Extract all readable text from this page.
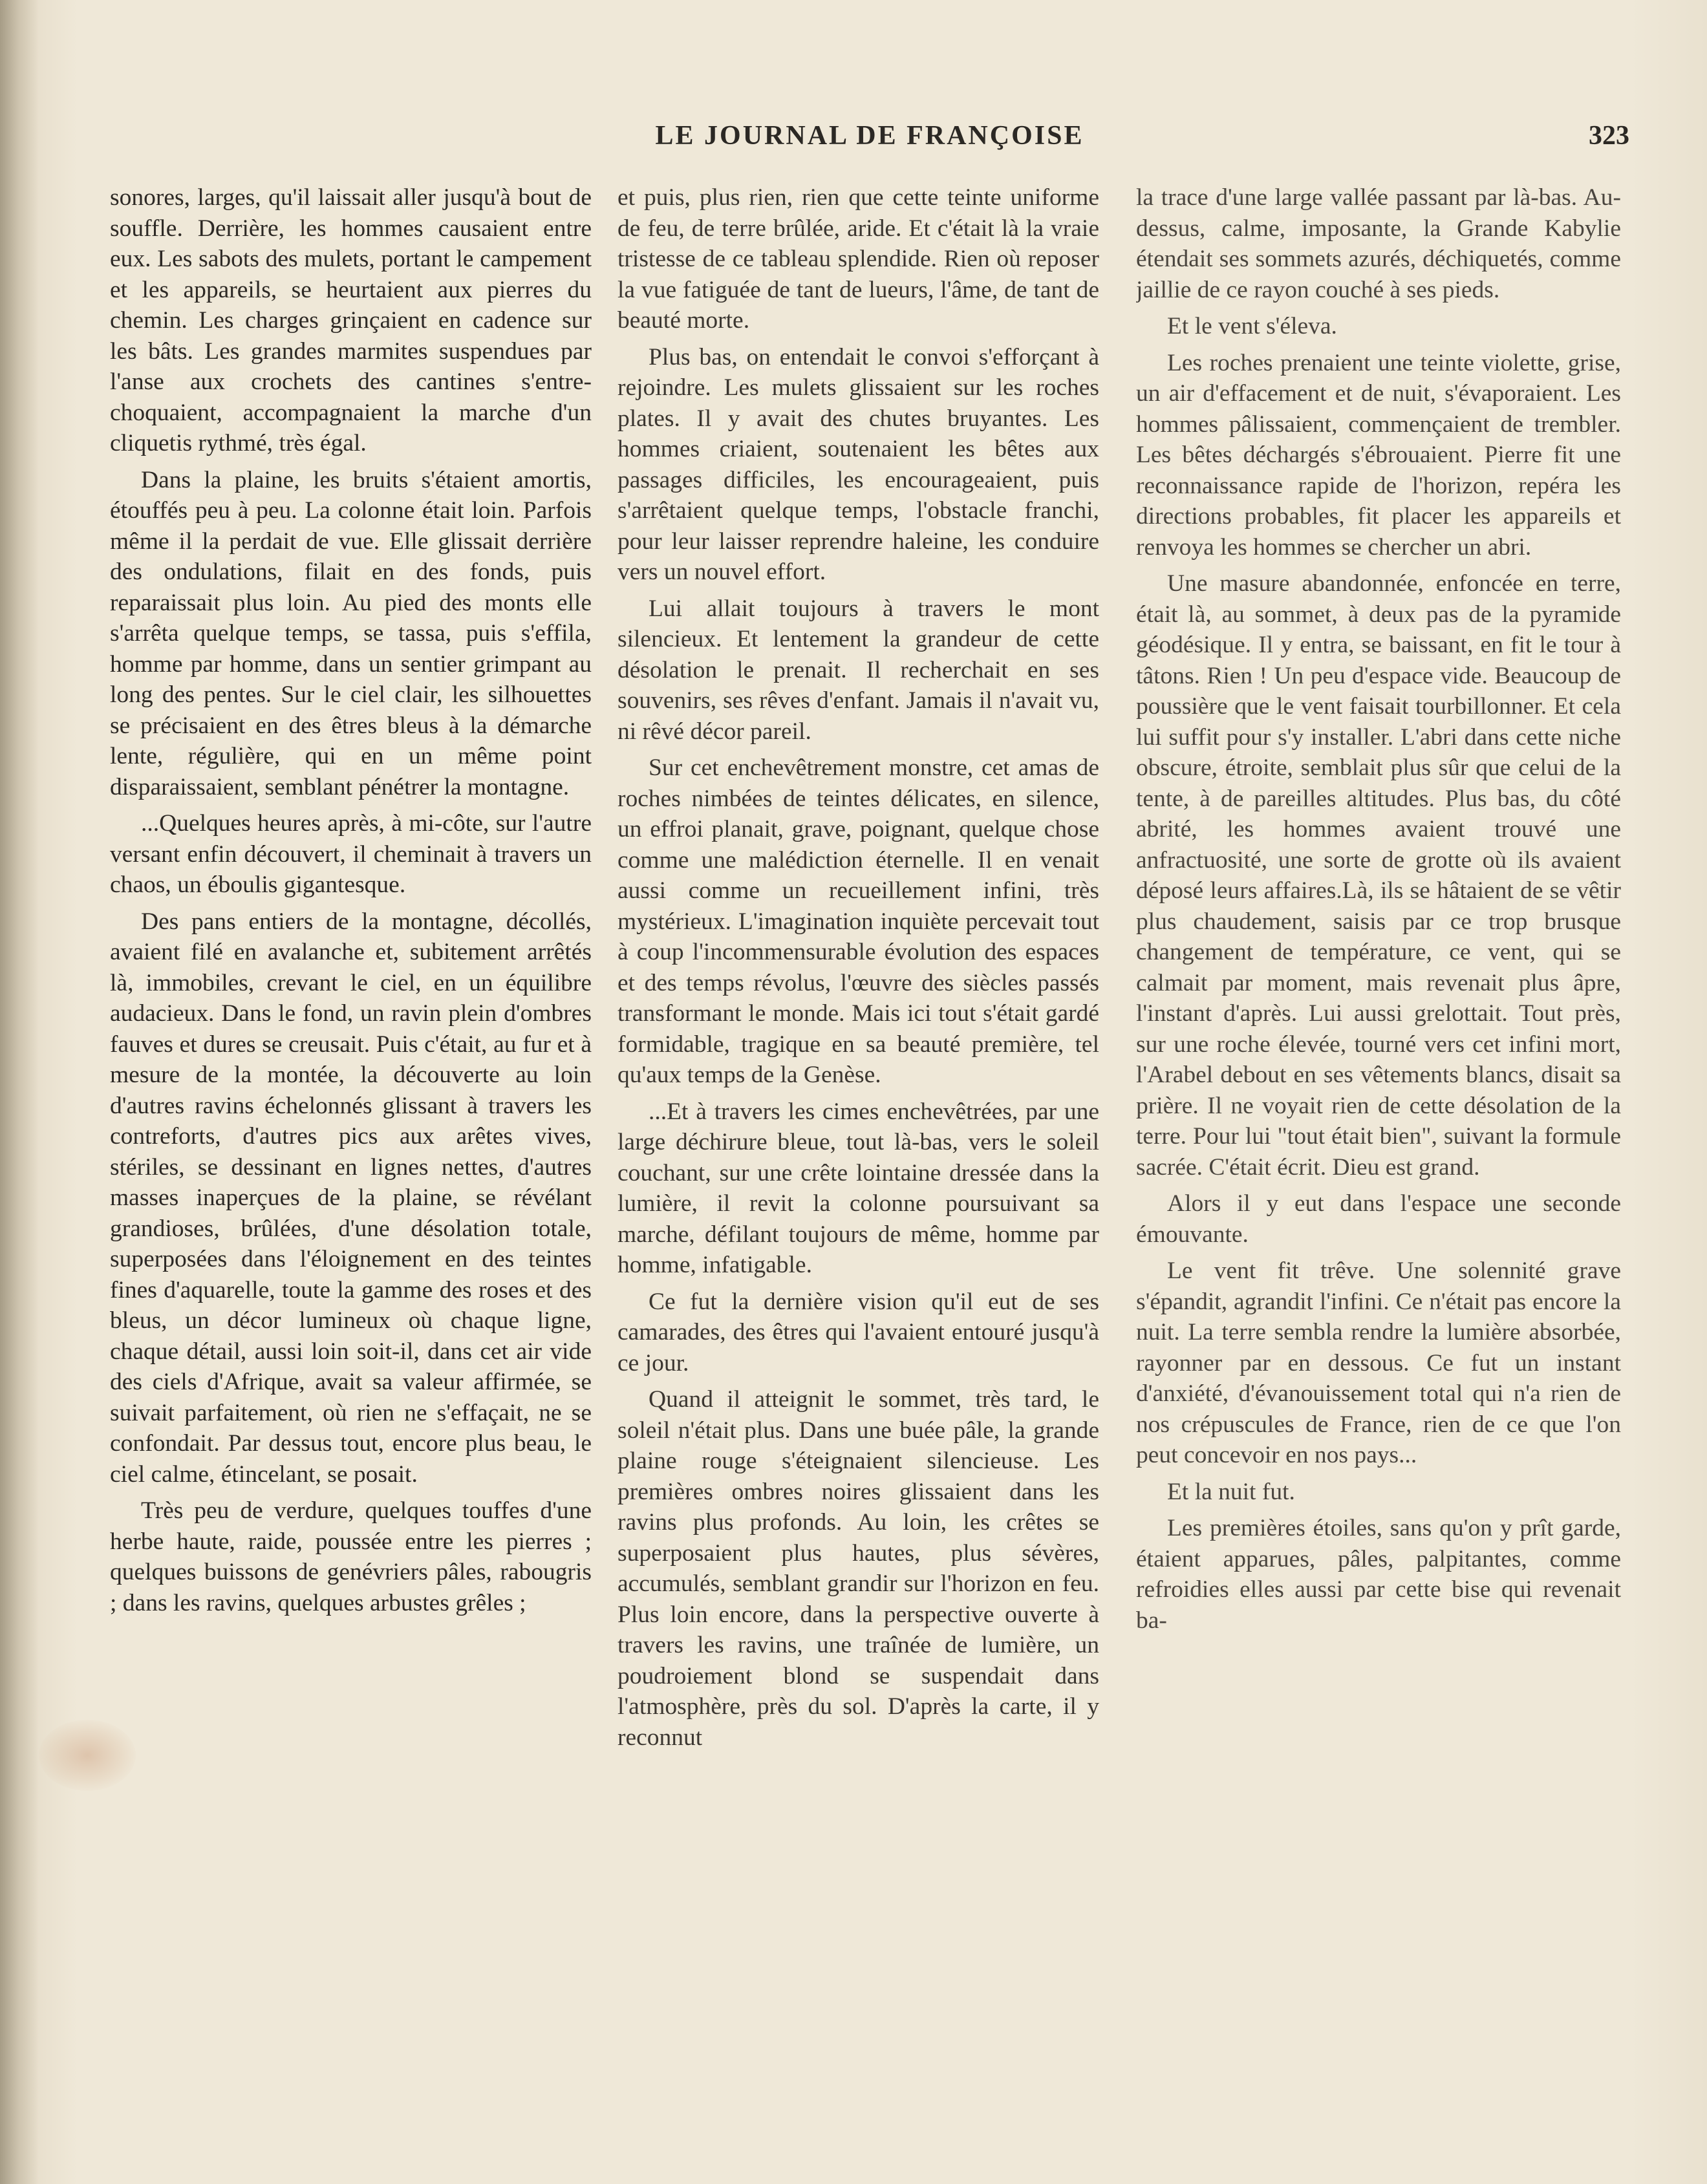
LE JOURNAL DE FRANÇOISE	323

sonores, larges, qu'il laissait aller jusqu'à bout de souffle. Derrière, les hommes causaient entre eux. Les sabots des mulets, portant le campement et les appareils, se heurtaient aux pierres du chemin. Les charges grinçaient en cadence sur les bâts. Les grandes marmites suspendues par l'anse aux crochets des cantines s'entre-choquaient, accompagnaient la marche d'un cliquetis rythmé, très égal.

Dans la plaine, les bruits s'étaient amortis, étouffés peu à peu. La colonne était loin. Parfois même il la perdait de vue. Elle glissait derrière des ondulations, filait en des fonds, puis reparaissait plus loin. Au pied des monts elle s'arrêta quelque temps, se tassa, puis s'effila, homme par homme, dans un sentier grimpant au long des pentes. Sur le ciel clair, les silhouettes se précisaient en des êtres bleus à la démarche lente, régulière, qui en un même point disparaissaient, semblant pénétrer la montagne.

...Quelques heures après, à mi-côte, sur l'autre versant enfin découvert, il cheminait à travers un chaos, un éboulis gigantesque.

Des pans entiers de la montagne, décollés, avaient filé en avalanche et, subitement arrêtés là, immobiles, crevant le ciel, en un équilibre audacieux. Dans le fond, un ravin plein d'ombres fauves et dures se creusait. Puis c'était, au fur et à mesure de la montée, la découverte au loin d'autres ravins échelonnés glissant à travers les contreforts, d'autres pics aux arêtes vives, stériles, se dessinant en lignes nettes, d'autres masses inaperçues de la plaine, se révélant grandioses, brûlées, d'une désolation totale, superposées dans l'éloignement en des teintes fines d'aquarelle, toute la gamme des roses et des bleus, un décor lumineux où chaque ligne, chaque détail, aussi loin soit-il, dans cet air vide des ciels d'Afrique, avait sa valeur affirmée, se suivait parfaitement, où rien ne s'effaçait, ne se confondait. Par dessus tout, encore plus beau, le ciel calme, étincelant, se posait.

Très peu de verdure, quelques touffes d'une herbe haute, raide, poussée entre les pierres ; quelques buissons de genévriers pâles, rabougris ; dans les ravins, quelques arbustes grêles ;

et puis, plus rien, rien que cette teinte uniforme de feu, de terre brûlée, aride. Et c'était là la vraie tristesse de ce tableau splendide. Rien où reposer la vue fatiguée de tant de lueurs, l'âme, de tant de beauté morte.

Plus bas, on entendait le convoi s'efforçant à rejoindre. Les mulets glissaient sur les roches plates. Il y avait des chutes bruyantes. Les hommes criaient, soutenaient les bêtes aux passages difficiles, les encourageaient, puis s'arrêtaient quelque temps, l'obstacle franchi, pour leur laisser reprendre haleine, les conduire vers un nouvel effort.

Lui allait toujours à travers le mont silencieux. Et lentement la grandeur de cette désolation le prenait. Il recherchait en ses souvenirs, ses rêves d'enfant. Jamais il n'avait vu, ni rêvé décor pareil.

Sur cet enchevêtrement monstre, cet amas de roches nimbées de teintes délicates, en silence, un effroi planait, grave, poignant, quelque chose comme une malédiction éternelle. Il en venait aussi comme un recueillement infini, très mystérieux. L'imagination inquiète percevait tout à coup l'incommensurable évolution des espaces et des temps révolus, l'œuvre des siècles passés transformant le monde. Mais ici tout s'était gardé formidable, tragique en sa beauté première, tel qu'aux temps de la Genèse.

...Et à travers les cimes enchevêtrées, par une large déchirure bleue, tout là-bas, vers le soleil couchant, sur une crête lointaine dressée dans la lumière, il revit la colonne poursuivant sa marche, défilant toujours de même, homme par homme, infatigable.

Ce fut la dernière vision qu'il eut de ses camarades, des êtres qui l'avaient entouré jusqu'à ce jour.

Quand il atteignit le sommet, très tard, le soleil n'était plus. Dans une buée pâle, la grande plaine rouge s'éteignaient silencieuse. Les premières ombres noires glissaient dans les ravins plus profonds. Au loin, les crêtes se superposaient plus hautes, plus sévères, accumulés, semblant grandir sur l'horizon en feu. Plus loin encore, dans la perspective ouverte à travers les ravins, une traînée de lumière, un poudroiement blond se suspendait dans l'atmosphère, près du sol. D'après la carte, il y reconnut

la trace d'une large vallée passant par là-bas. Au-dessus, calme, imposante, la Grande Kabylie étendait ses sommets azurés, déchiquetés, comme jaillie de ce rayon couché à ses pieds.

Et le vent s'éleva.

Les roches prenaient une teinte violette, grise, un air d'effacement et de nuit, s'évaporaient. Les hommes pâlissaient, commençaient de trembler. Les bêtes déchargés s'ébrouaient. Pierre fit une reconnaissance rapide de l'horizon, repéra les directions probables, fit placer les appareils et renvoya les hommes se chercher un abri.

Une masure abandonnée, enfoncée en terre, était là, au sommet, à deux pas de la pyramide géodésique. Il y entra, se baissant, en fit le tour à tâtons. Rien ! Un peu d'espace vide. Beaucoup de poussière que le vent faisait tourbillonner. Et cela lui suffit pour s'y installer. L'abri dans cette niche obscure, étroite, semblait plus sûr que celui de la tente, à de pareilles altitudes. Plus bas, du côté abrité, les hommes avaient trouvé une anfractuosité, une sorte de grotte où ils avaient déposé leurs affaires.Là, ils se hâtaient de se vêtir plus chaudement, saisis par ce trop brusque changement de température, ce vent, qui se calmait par moment, mais revenait plus âpre, l'instant d'après. Lui aussi grelottait. Tout près, sur une roche élevée, tourné vers cet infini mort, l'Arabel debout en ses vêtements blancs, disait sa prière. Il ne voyait rien de cette désolation de la terre. Pour lui "tout était bien", suivant la formule sacrée. C'était écrit. Dieu est grand.

Alors il y eut dans l'espace une seconde émouvante.

Le vent fit trêve. Une solennité grave s'épandit, agrandit l'infini. Ce n'était pas encore la nuit. La terre sembla rendre la lumière absorbée, rayonner par en dessous. Ce fut un instant d'anxiété, d'évanouissement total qui n'a rien de nos crépuscules de France, rien de ce que l'on peut concevoir en nos pays...

Et la nuit fut.

Les premières étoiles, sans qu'on y prît garde, étaient apparues, pâles, palpitantes, comme refroidies elles aussi par cette bise qui revenait ba-
